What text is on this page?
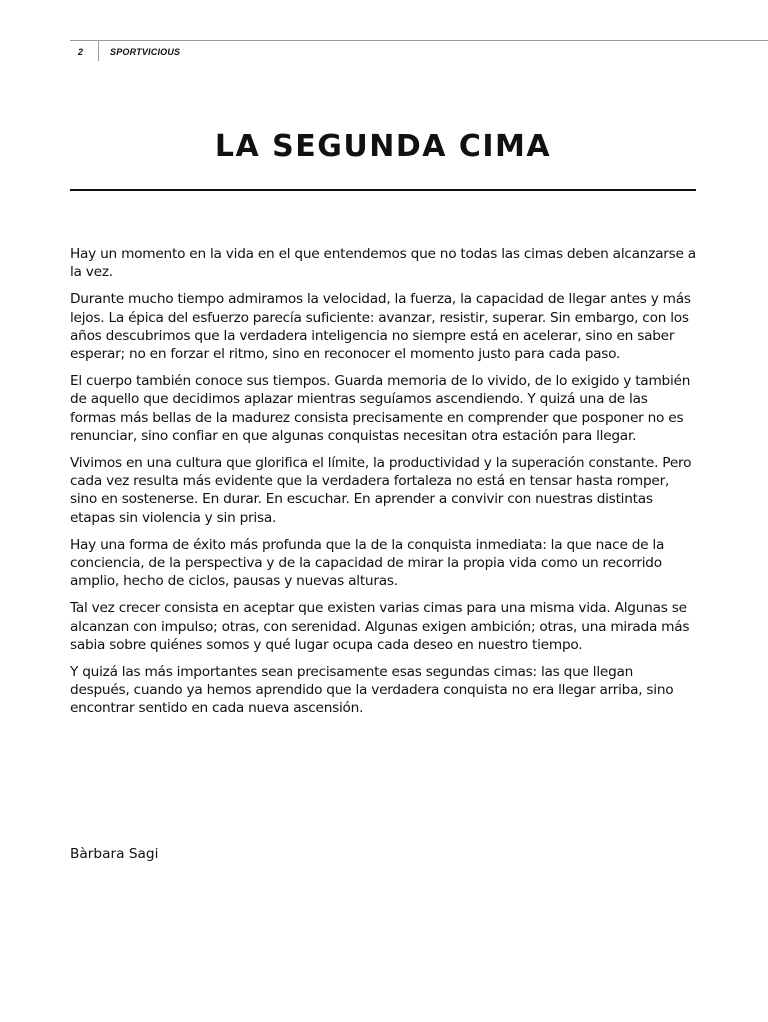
2	SPORTVICIOUS
LA SEGUNDA CIMA

Hay un momento en la vida en el que entendemos que no todas las cimas deben alcanzarse a la vez.

Durante mucho tiempo admiramos la velocidad, la fuerza, la capacidad de llegar antes y más lejos. La épica del esfuerzo parecía suficiente: avanzar, resistir, superar. Sin embargo, con los años descubrimos que la verdadera inteligencia no siempre está en acelerar, sino en saber esperar; no en forzar el ritmo, sino en reconocer el momento justo para cada paso.

El cuerpo también conoce sus tiempos. Guarda memoria de lo vivido, de lo exigido y también de aquello que decidimos aplazar mientras seguíamos ascendiendo. Y quizá una de las formas más bellas de la madurez consista precisamente en comprender que posponer no es renunciar, sino confiar en que algunas conquistas necesitan otra estación para llegar.

Vivimos en una cultura que glorifica el límite, la productividad y la superación constante. Pero cada vez resulta más evidente que la verdadera fortaleza no está en tensar hasta romper, sino en sostenerse. En durar. En escuchar. En aprender a convivir con nuestras distintas etapas sin violencia y sin prisa.

Hay una forma de éxito más profunda que la de la conquista inmediata: la que nace de la conciencia, de la perspectiva y de la capacidad de mirar la propia vida como un recorrido amplio, hecho de ciclos, pausas y nuevas alturas.

Tal vez crecer consista en aceptar que existen varias cimas para una misma vida. Algunas se alcanzan con impulso; otras, con serenidad. Algunas exigen ambición; otras, una mirada más sabia sobre quiénes somos y qué lugar ocupa cada deseo en nuestro tiempo.

Y quizá las más importantes sean precisamente esas segundas cimas: las que llegan después, cuando ya hemos aprendido que la verdadera conquista no era llegar arriba, sino encontrar sentido en cada nueva ascensión.

Bàrbara Sagi
